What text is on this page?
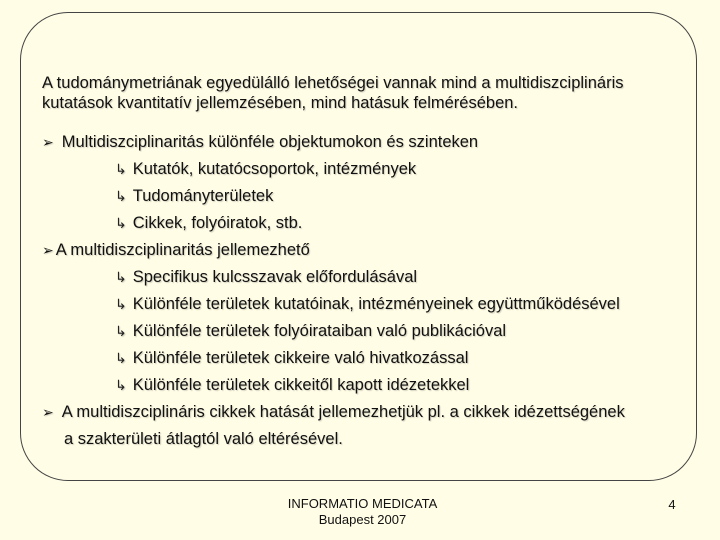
A tudománymetriának egyedülálló lehetőségei vannak mind a multidiszciplináris kutatások kvantitatív jellemzésében, mind hatásuk felmérésében.
➢ Multidiszciplinaritás különféle objektumokon és szinteken
↳ Kutatók, kutatócsoportok, intézmények
↳ Tudományterületek
↳ Cikkek, folyóiratok, stb.
➢ A multidiszciplinaritás jellemezhető
↳ Specifikus kulcsszavak előfordulásával
↳ Különféle területek kutatóinak, intézményeinek együttműködésével
↳ Különféle területek folyóirataiban való publikációval
↳ Különféle területek cikkeire való hivatkozással
↳ Különféle területek cikkeitől kapott idézetekkel
➢ A multidiszciplináris cikkek hatását jellemezhetjük pl. a cikkek idézettségének
a szakterületi átlagtól való eltérésével.
INFORMATIO MEDICATA
Budapest 2007
4
